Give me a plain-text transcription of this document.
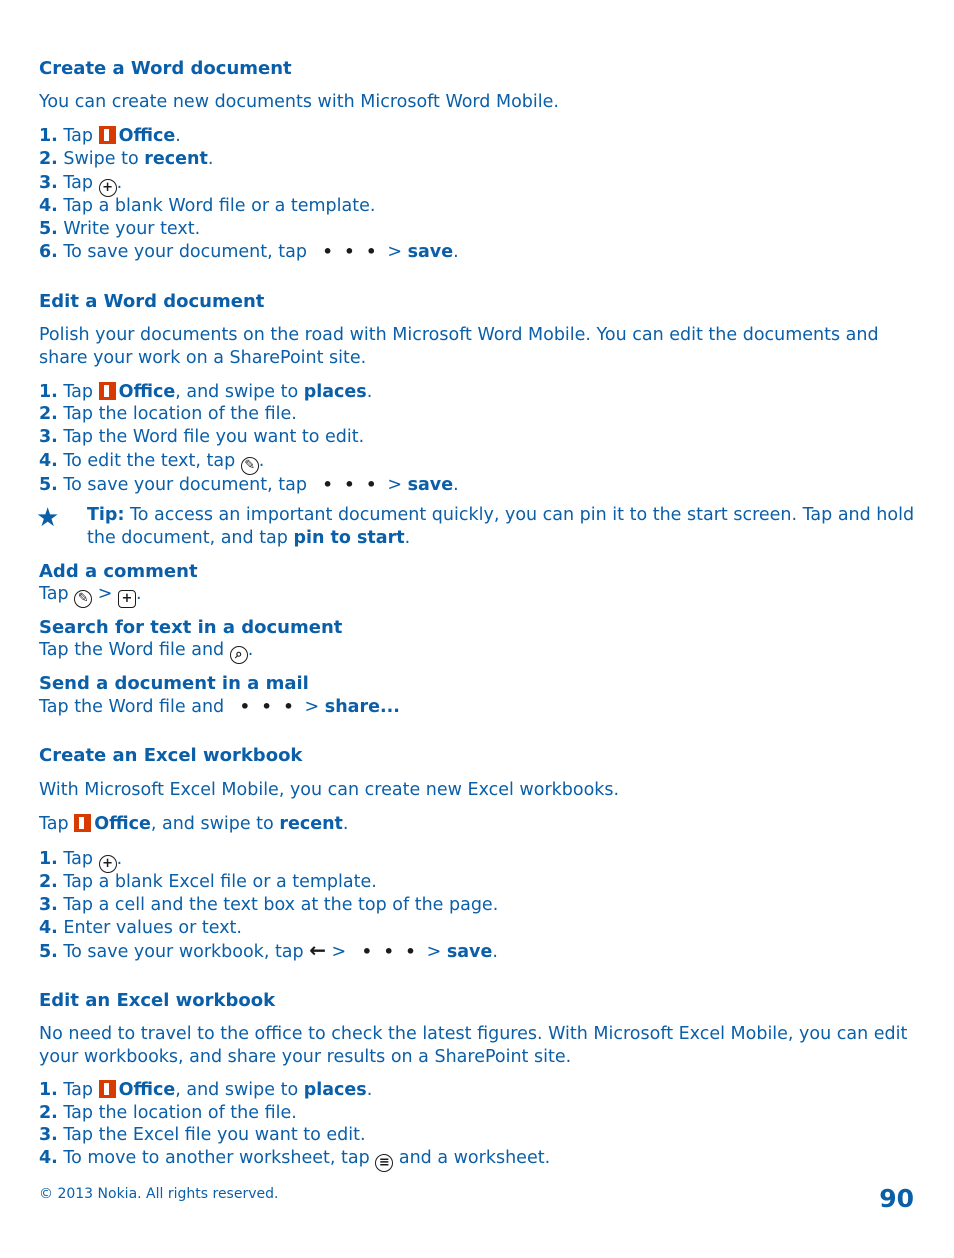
Create a Word document
You can create new documents with Microsoft Word Mobile.
1. Tap Office.
2. Swipe to recent.
3. Tap + .
4. Tap a blank Word file or a template.
5. Write your text.
6. To save your document, tap • • • > save.
Edit a Word document
Polish your documents on the road with Microsoft Word Mobile. You can edit the documents and
share your work on a SharePoint site.
1. Tap Office, and swipe to places.
2. Tap the location of the file.
3. Tap the Word file you want to edit.
4. To edit the text, tap ✎ .
5. To save your document, tap • • • > save.
★ Tip: To access an important document quickly, you can pin it to the start screen. Tap and hold
the document, and tap pin to start.
Add a comment
Tap ✎ > + .
Search for text in a document
Tap the Word file and ⌕ .
Send a document in a mail
Tap the Word file and • • • > share...
Create an Excel workbook
With Microsoft Excel Mobile, you can create new Excel workbooks.
Tap Office, and swipe to recent.
1. Tap + .
2. Tap a blank Excel file or a template.
3. Tap a cell and the text box at the top of the page.
4. Enter values or text.
5. To save your workbook, tap ← > • • • > save.
Edit an Excel workbook
No need to travel to the office to check the latest figures. With Microsoft Excel Mobile, you can edit
your workbooks, and share your results on a SharePoint site.
1. Tap Office, and swipe to places.
2. Tap the location of the file.
3. Tap the Excel file you want to edit.
4. To move to another worksheet, tap ≡ and a worksheet.
© 2013 Nokia. All rights reserved.	90
